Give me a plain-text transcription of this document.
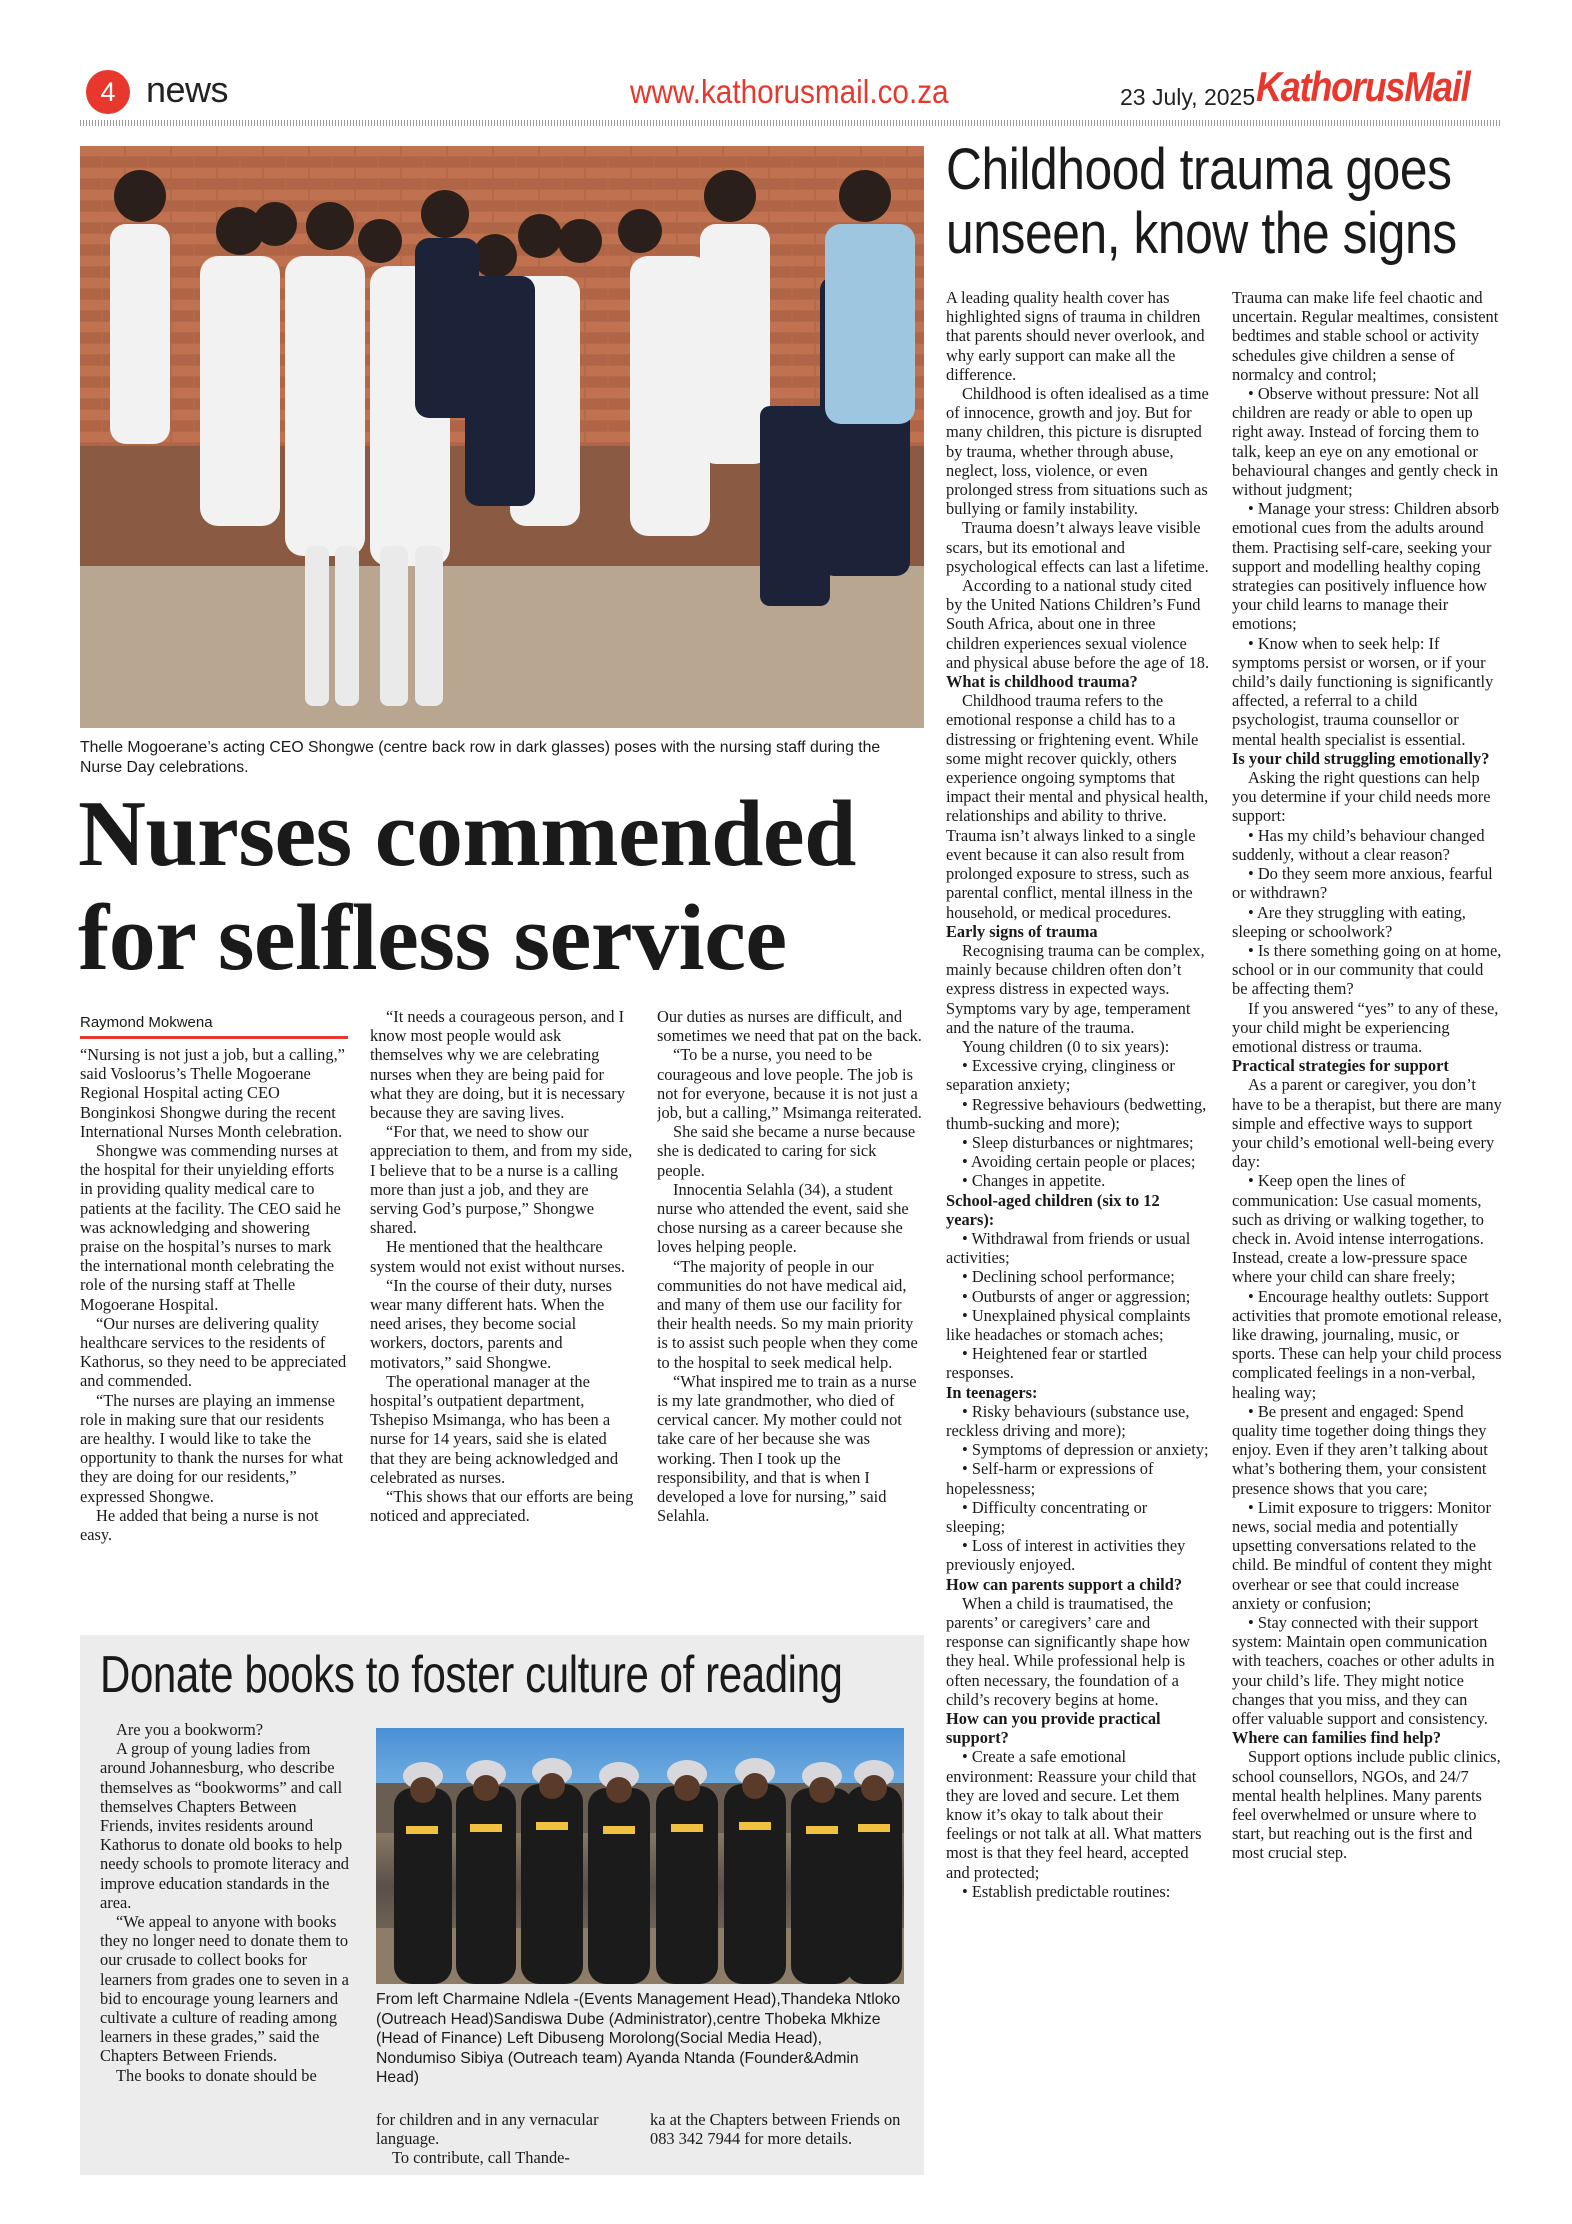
4 news	www.kathorusmail.co.za	23 July, 2025 KathorusMail
Thelle Mogoerane’s acting CEO Shongwe (centre back row in dark glasses) poses with the nursing staff during the Nurse Day celebrations.
Nurses commended
for selfless service
Raymond Mokwena

“Nursing is not just a job, but a calling,” said Vosloorus’s Thelle Mogoerane Regional Hospital acting CEO Bonginkosi Shongwe during the recent International Nurses Month celebration.

Shongwe was commending nurses at the hospital for their unyielding efforts in providing quality medical care to patients at the facility. The CEO said he was acknowledging and showering praise on the hospital’s nurses to mark the international month celebrating the role of the nursing staff at Thelle Mogoerane Hospital.

“Our nurses are delivering quality healthcare services to the residents of Kathorus, so they need to be appreciated and commended.

“The nurses are playing an immense role in making sure that our residents are healthy. I would like to take the opportunity to thank the nurses for what they are doing for our residents,” expressed Shongwe.

He added that being a nurse is not easy.

“It needs a courageous person, and I know most people would ask themselves why we are celebrating nurses when they are being paid for what they are doing, but it is necessary because they are saving lives.

“For that, we need to show our appreciation to them, and from my side, I believe that to be a nurse is a calling more than just a job, and they are serving God’s purpose,” Shongwe shared.

He mentioned that the healthcare system would not exist without nurses.

“In the course of their duty, nurses wear many different hats. When the need arises, they become social workers, doctors, parents and motivators,” said Shongwe.

The operational manager at the hospital’s outpatient department, Tshepiso Msimanga, who has been a nurse for 14 years, said she is elated that they are being acknowledged and celebrated as nurses.

“This shows that our efforts are being noticed and appreciated.

Our duties as nurses are difficult, and sometimes we need that pat on the back.

“To be a nurse, you need to be courageous and love people. The job is not for everyone, because it is not just a job, but a calling,” Msimanga reiterated.

She said she became a nurse because she is dedicated to caring for sick people.

Innocentia Selahla (34), a student nurse who attended the event, said she chose nursing as a career because she loves helping people.

“The majority of people in our communities do not have medical aid, and many of them use our facility for their health needs. So my main priority is to assist such people when they come to the hospital to seek medical help.

“What inspired me to train as a nurse is my late grandmother, who died of cervical cancer. My mother could not take care of her because she was working. Then I took up the responsibility, and that is when I developed a love for nursing,” said Selahla.

Donate books to foster culture of reading

Are you a bookworm?

A group of young ladies from around Johannesburg, who describe themselves as “bookworms” and call themselves Chapters Between Friends, invites residents around Kathorus to donate old books to help needy schools to promote literacy and improve education standards in the area.

“We appeal to anyone with books they no longer need to donate them to our crusade to collect books for learners from grades one to seven in a bid to encourage young learners and cultivate a culture of reading among learners in these grades,” said the Chapters Between Friends.

The books to donate should be

From left Charmaine Ndlela -(Events Management Head),Thandeka Ntloko (Outreach Head)Sandiswa Dube (Administrator),centre Thobeka Mkhize (Head of Finance) Left Dibuseng Morolong(Social Media Head), Nondumiso Sibiya (Outreach team) Ayanda Ntanda (Founder&Admin Head)

for children and in any vernacular language.

To contribute, call Thande-

ka at the Chapters between Friends on 083 342 7944 for more details.

Childhood trauma goes
unseen, know the signs

A leading quality health cover has highlighted signs of trauma in children that parents should never overlook, and why early support can make all the difference.

Childhood is often idealised as a time of innocence, growth and joy. But for many children, this picture is disrupted by trauma, whether through abuse, neglect, loss, violence, or even prolonged stress from situations such as bullying or family instability.

Trauma doesn’t always leave visible scars, but its emotional and psychological effects can last a lifetime.

According to a national study cited by the United Nations Children’s Fund South Africa, about one in three children experiences sexual violence and physical abuse before the age of 18.

What is childhood trauma?

Childhood trauma refers to the emotional response a child has to a distressing or frightening event. While some might recover quickly, others experience ongoing symptoms that impact their mental and physical health, relationships and ability to thrive. Trauma isn’t always linked to a single event because it can also result from prolonged exposure to stress, such as parental conflict, mental illness in the household, or medical procedures.

Early signs of trauma

Recognising trauma can be complex, mainly because children often don’t express distress in expected ways. Symptoms vary by age, temperament and the nature of the trauma.

Young children (0 to six years):

• Excessive crying, clinginess or separation anxiety;

• Regressive behaviours (bedwetting, thumb-sucking and more);

• Sleep disturbances or nightmares;

• Avoiding certain people or places;

• Changes in appetite.

School-aged children (six to 12 years):

• Withdrawal from friends or usual activities;

• Declining school performance;

• Outbursts of anger or aggression;

• Unexplained physical complaints like headaches or stomach aches;

• Heightened fear or startled responses.

In teenagers:

• Risky behaviours (substance use, reckless driving and more);

• Symptoms of depression or anxiety;

• Self-harm or expressions of hopelessness;

• Difficulty concentrating or sleeping;

• Loss of interest in activities they previously enjoyed.

How can parents support a child?

When a child is traumatised, the parents’ or caregivers’ care and response can significantly shape how they heal. While professional help is often necessary, the foundation of a child’s recovery begins at home.

How can you provide practical support?

• Create a safe emotional environment: Reassure your child that they are loved and secure. Let them know it’s okay to talk about their feelings or not talk at all. What matters most is that they feel heard, accepted and protected;

• Establish predictable routines:

Trauma can make life feel chaotic and uncertain. Regular mealtimes, consistent bedtimes and stable school or activity schedules give children a sense of normalcy and control;

• Observe without pressure: Not all children are ready or able to open up right away. Instead of forcing them to talk, keep an eye on any emotional or behavioural changes and gently check in without judgment;

• Manage your stress: Children absorb emotional cues from the adults around them. Practising self-care, seeking your support and modelling healthy coping strategies can positively influence how your child learns to manage their emotions;

• Know when to seek help: If symptoms persist or worsen, or if your child’s daily functioning is significantly affected, a referral to a child psychologist, trauma counsellor or mental health specialist is essential.

Is your child struggling emotionally?

Asking the right questions can help you determine if your child needs more support:

• Has my child’s behaviour changed suddenly, without a clear reason?

• Do they seem more anxious, fearful or withdrawn?

• Are they struggling with eating, sleeping or schoolwork?

• Is there something going on at home, school or in our community that could be affecting them?

If you answered “yes” to any of these, your child might be experiencing emotional distress or trauma.

Practical strategies for support

As a parent or caregiver, you don’t have to be a therapist, but there are many simple and effective ways to support your child’s emotional well-being every day:

• Keep open the lines of communication: Use casual moments, such as driving or walking together, to check in. Avoid intense interrogations. Instead, create a low-pressure space where your child can share freely;

• Encourage healthy outlets: Support activities that promote emotional release, like drawing, journaling, music, or sports. These can help your child process complicated feelings in a non-verbal, healing way;

• Be present and engaged: Spend quality time together doing things they enjoy. Even if they aren’t talking about what’s bothering them, your consistent presence shows that you care;

• Limit exposure to triggers: Monitor news, social media and potentially upsetting conversations related to the child. Be mindful of content they might overhear or see that could increase anxiety or confusion;

• Stay connected with their support system: Maintain open communication with teachers, coaches or other adults in your child’s life. They might notice changes that you miss, and they can offer valuable support and consistency.

Where can families find help?

Support options include public clinics, school counsellors, NGOs, and 24/7 mental health helplines. Many parents feel overwhelmed or unsure where to start, but reaching out is the first and most crucial step.
